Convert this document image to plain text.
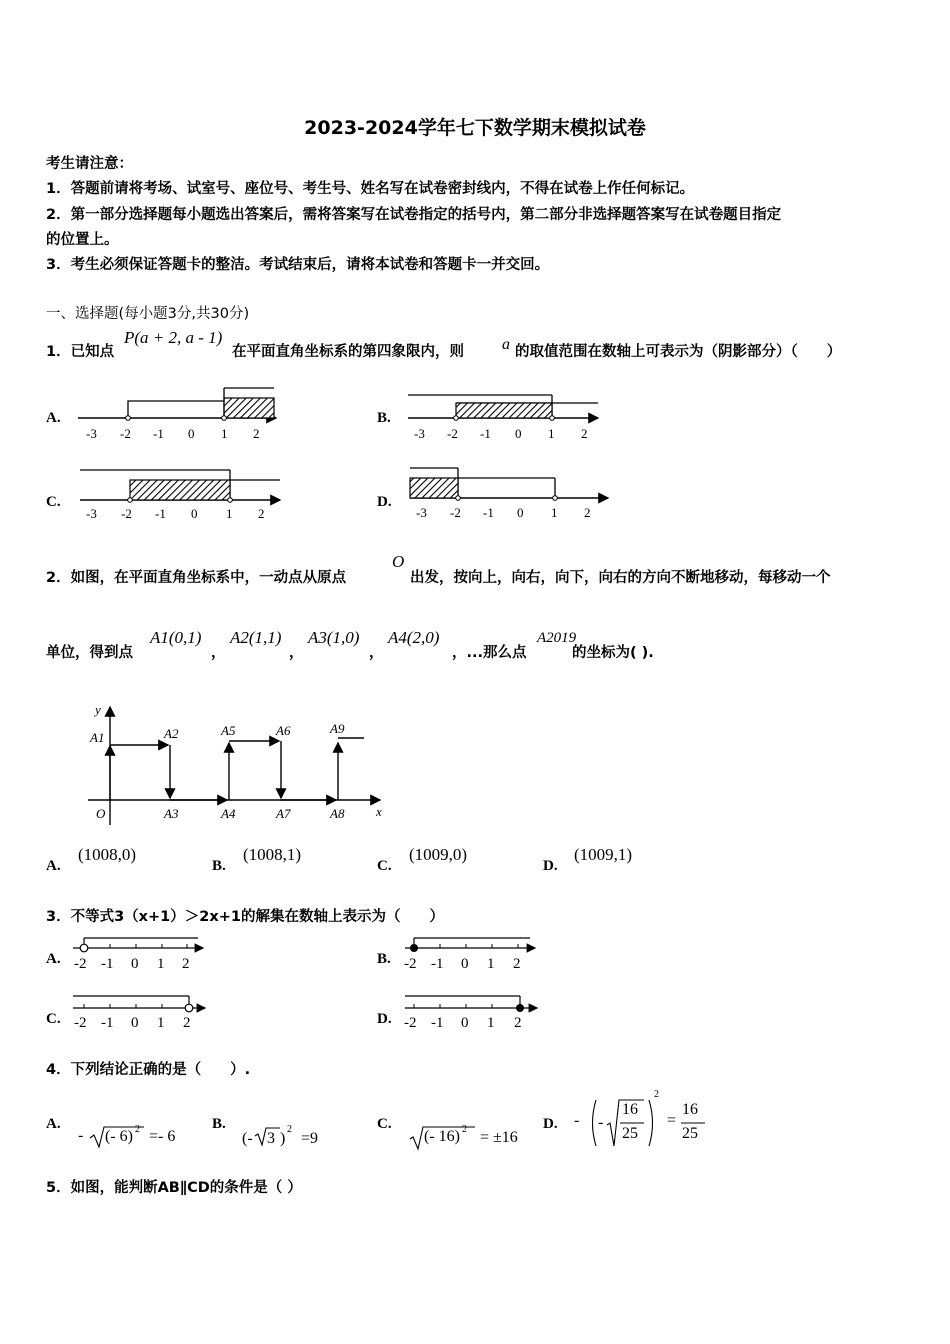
2023-2024学年七下数学期末模拟试卷
考生请注意：
1．答题前请将考场、试室号、座位号、考生号、姓名写在试卷密封线内，不得在试卷上作任何标记。
2．第一部分选择题每小题选出答案后，需将答案写在试卷指定的括号内，第二部分非选择题答案写在试卷题目指定
的位置上。
3．考生必须保证答题卡的整洁。考试结束后，请将本试卷和答题卡一并交回。
一、选择题(每小题3分,共30分)
1．已知点
P(a + 2, a - 1)
在平面直角坐标系的第四象限内，则 a 的取值范围在数轴上可表示为（阴影部分）（　　）
A.	B.
C.	D.
-3 -2 -1 0 1 2	-3 -2 -1 0 1 2
-3 -2 -1 0 1 2	-3 -2 -1 0 1 2
y
x
O
A1	A2
A3	A4
A5	A6
A7	A8
A9
-2 -1 0 1 2	-2 -1 0 1 2
-2 -1 0 1 2	-2 -1 0 1 2
2．如图，在平面直角坐标系中，一动点从原点
O
出发，按向上，向右，向下，向右的方向不断地移动，每移动一个
单位，得到点
A1(0,1)
，
A2(1,1)
，
A3(1,0)
，
A4(2,0)
，...那么点
A2019
的坐标为( ).
A.
(1008,0)
B.
(1008,1)
C.
(1009,0)
D.
(1009,1)
3．不等式3（x+1）＞2x+1的解集在数轴上表示为（　　）
A.	B.
C.	D.
4．下列结论正确的是（　　）.
A.
- (- 6) 2 =- 6
B.
(- 3 )
2
=9
C.
(- 16) 2 = ±16
D. - -
16
25
2
=
16
25
5．如图，能判断AB∥CD的条件是（ ）
